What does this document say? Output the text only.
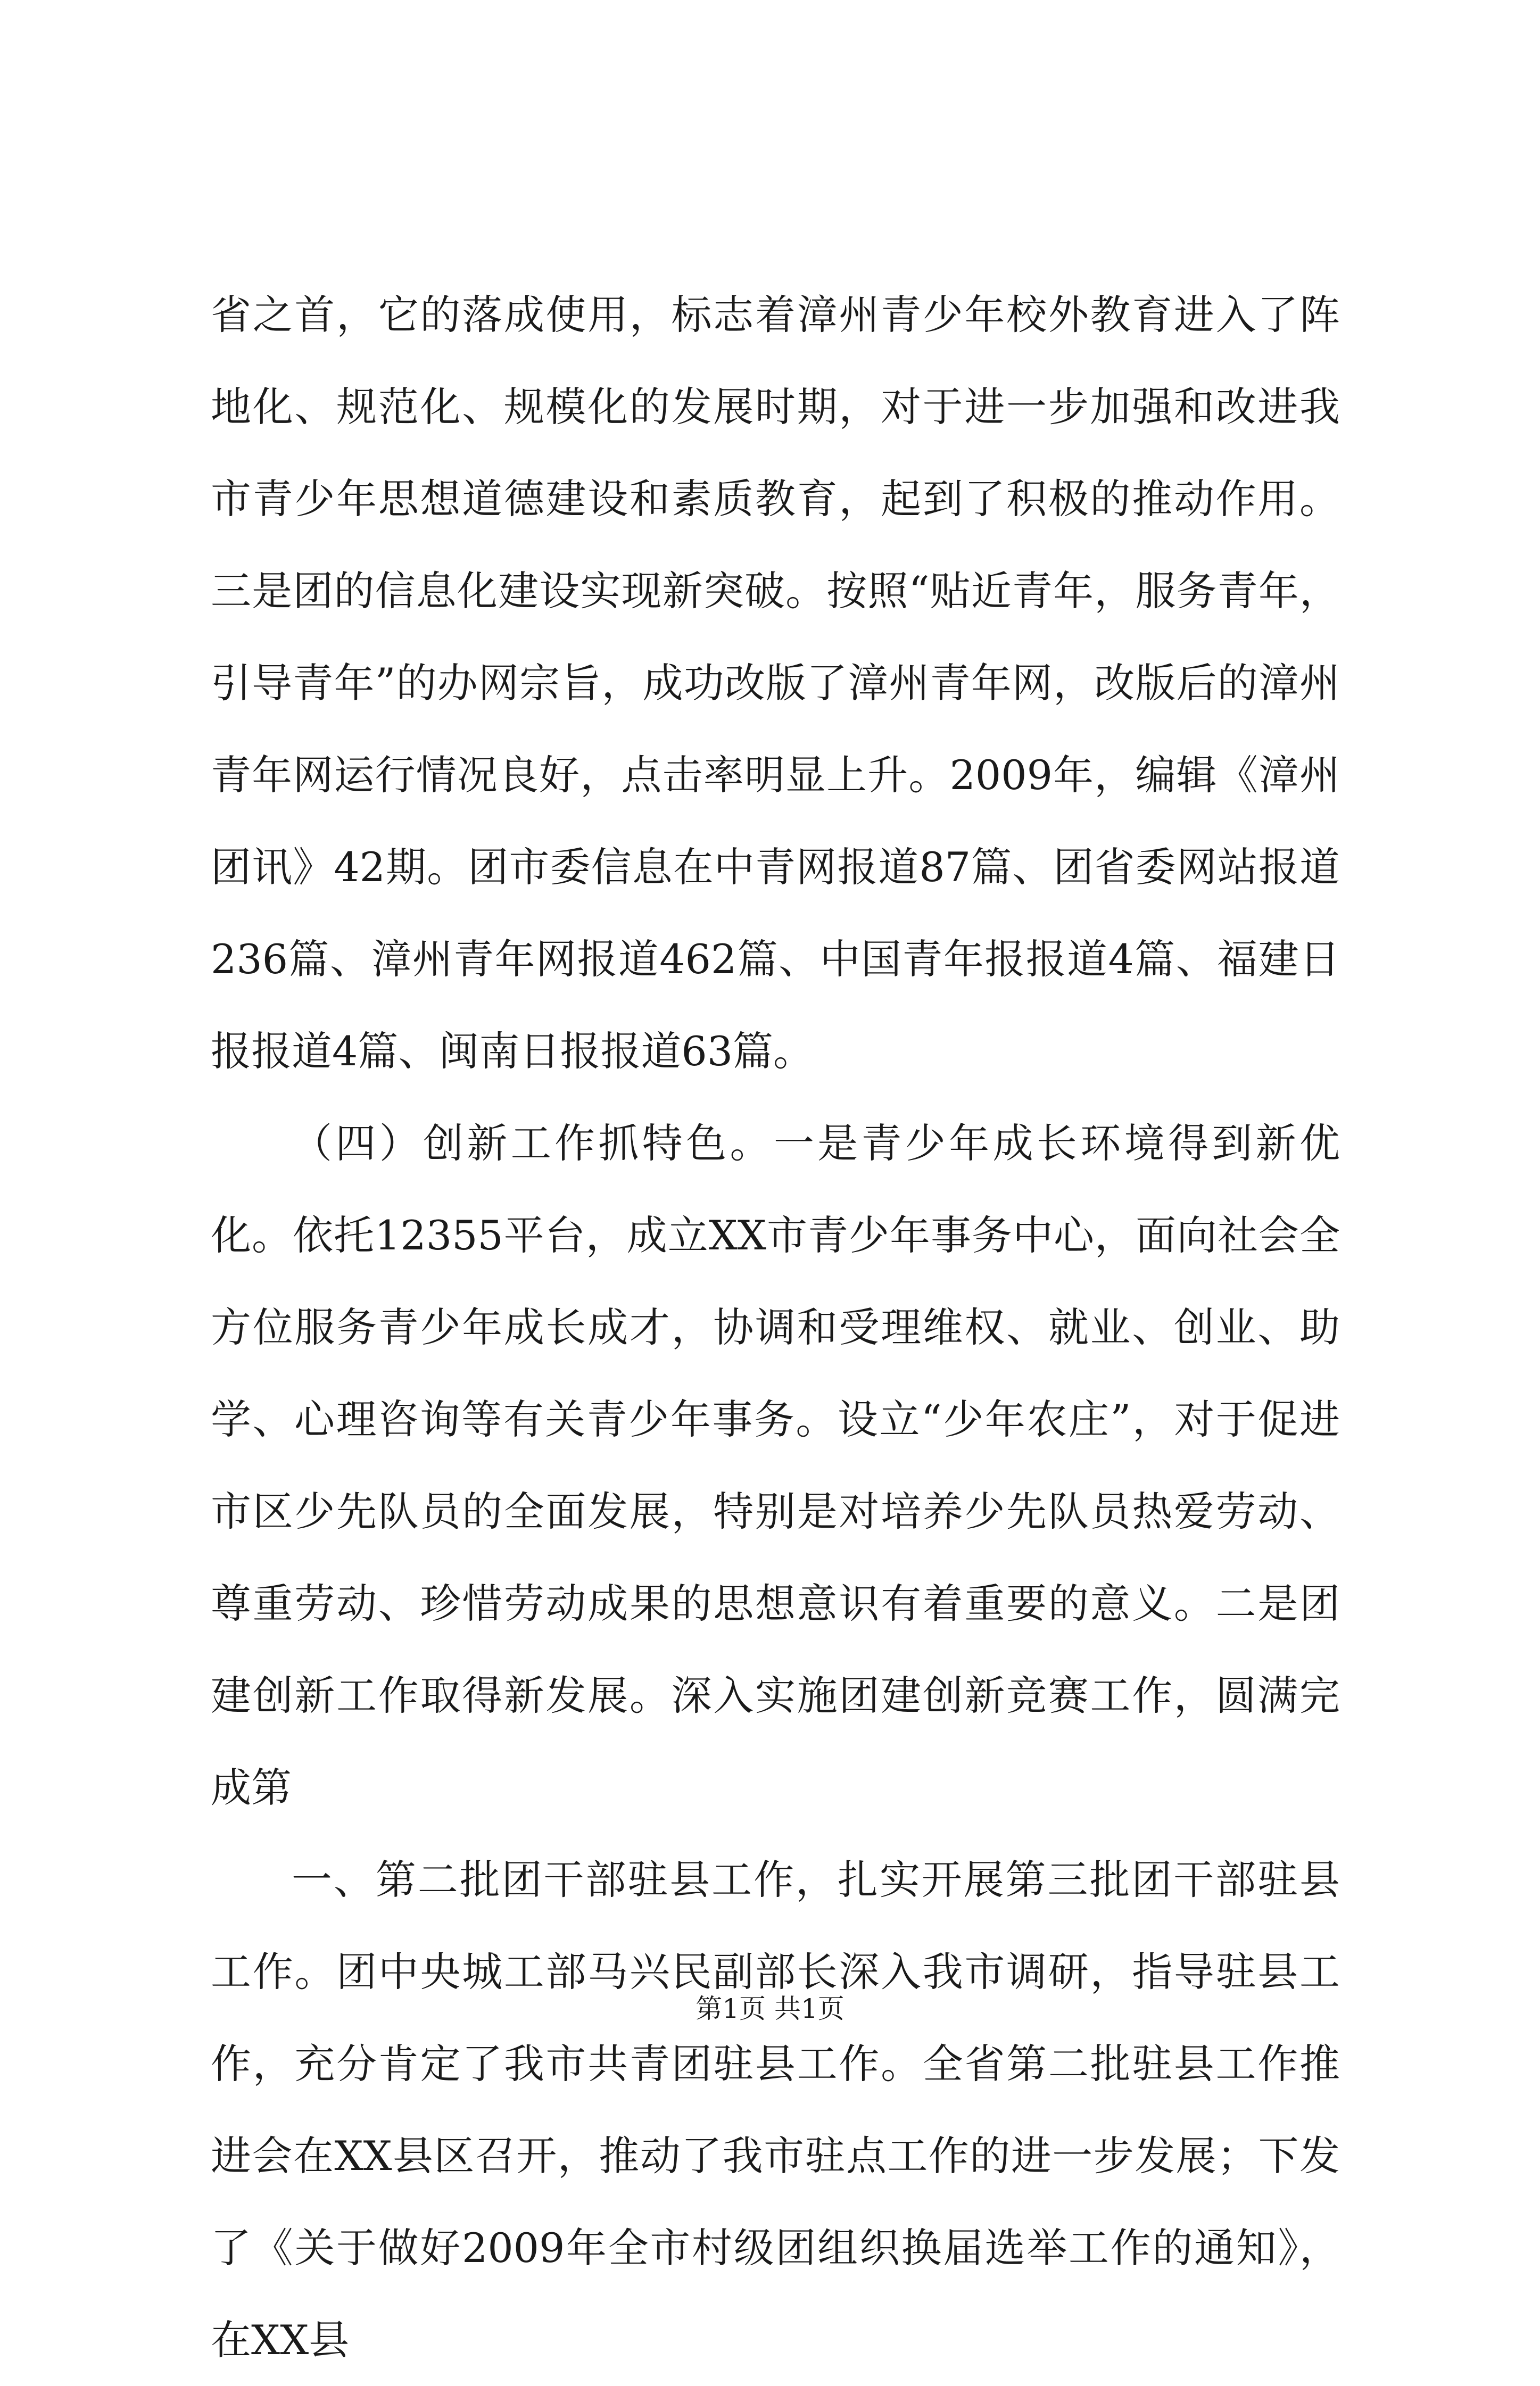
省之首，它的落成使用，标志着漳州青少年校外教育进入了阵地化、规范化、规模化的发展时期，对于进一步加强和改进我市青少年思想道德建设和素质教育，起到了积极的推动作用。三是团的信息化建设实现新突破。按照“贴近青年，服务青年，引导青年”的办网宗旨，成功改版了漳州青年网，改版后的漳州青年网运行情况良好，点击率明显上升。2009年，编辑《漳州团讯》42期。团市委信息在中青网报道87篇、团省委网站报道236篇、漳州青年网报道462篇、中国青年报报道4篇、福建日报报道4篇、闽南日报报道63篇。

（四）创新工作抓特色。一是青少年成长环境得到新优化。依托12355平台，成立XX市青少年事务中心，面向社会全方位服务青少年成长成才，协调和受理维权、就业、创业、助学、心理咨询等有关青少年事务。设立“少年农庄”，对于促进市区少先队员的全面发展，特别是对培养少先队员热爱劳动、尊重劳动、珍惜劳动成果的思想意识有着重要的意义。二是团建创新工作取得新发展。深入实施团建创新竞赛工作，圆满完成第

一、第二批团干部驻县工作，扎实开展第三批团干部驻县工作。团中央城工部马兴民副部长深入我市调研，指导驻县工作，充分肯定了我市共青团驻县工作。全省第二批驻县工作推进会在XX县区召开，推动了我市驻点工作的进一步发展；下发了《关于做好2009年全市村级团组织换届选举工作的通知》，在XX县

第1页 共1页
